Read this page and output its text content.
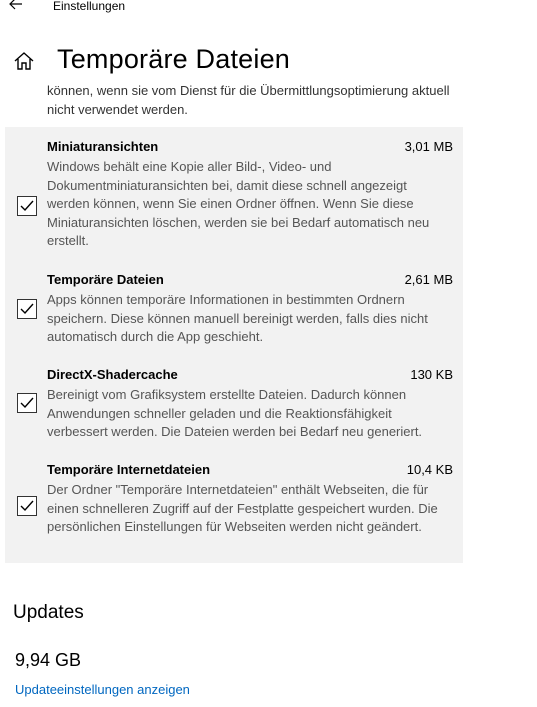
Einstellungen
Temporäre Dateien
können, wenn sie vom Dienst für die Übermittlungsoptimierung aktuell nicht verwendet werden.
Miniaturansichten	3,01 MB
Windows behält eine Kopie aller Bild-, Video- und Dokumentminiaturansichten bei, damit diese schnell angezeigt werden können, wenn Sie einen Ordner öffnen. Wenn Sie diese Miniaturansichten löschen, werden sie bei Bedarf automatisch neu erstellt.
Temporäre Dateien	2,61 MB
Apps können temporäre Informationen in bestimmten Ordnern speichern. Diese können manuell bereinigt werden, falls dies nicht automatisch durch die App geschieht.
DirectX-Shadercache	130 KB
Bereinigt vom Grafiksystem erstellte Dateien. Dadurch können Anwendungen schneller geladen und die Reaktionsfähigkeit verbessert werden. Die Dateien werden bei Bedarf neu generiert.
Temporäre Internetdateien	10,4 KB
Der Ordner "Temporäre Internetdateien" enthält Webseiten, die für einen schnelleren Zugriff auf der Festplatte gespeichert wurden. Die persönlichen Einstellungen für Webseiten werden nicht geändert.
Updates
9,94 GB
Updateeinstellungen anzeigen
